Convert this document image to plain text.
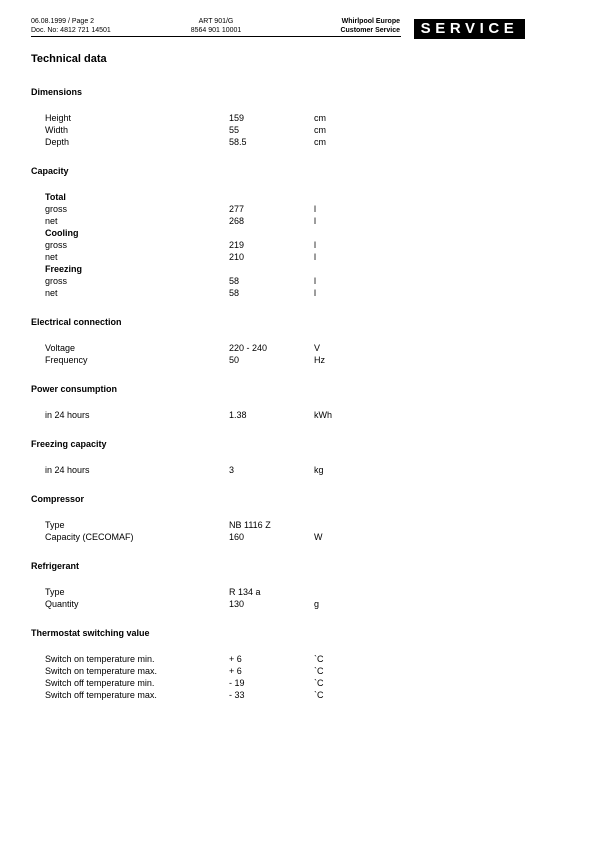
06.08.1999 / Page 2
Doc. No: 4812 721 14501
ART 901/G
8564 901 10001
Whirlpool Europe
Customer Service	SERVICE
Technical data
Dimensions
Height	159	cm
Width	55	cm
Depth	58.5	cm
Capacity
Total
gross	277	l
net	268	l
Cooling
gross	219	l
net	210	l
Freezing
gross	58	l
net	58	l
Electrical connection
Voltage	220 - 240	V
Frequency	50	Hz
Power consumption
in 24 hours	1.38	kWh
Freezing capacity
in 24 hours	3	kg
Compressor
Type	NB 1116 Z
Capacity (CECOMAF)	160	W
Refrigerant
Type	R 134 a
Quantity	130	g
Thermostat switching value
Switch on temperature min.	+ 6	`C
Switch on temperature max.	+ 6	`C
Switch off temperature min.	- 19	`C
Switch off temperature max.	- 33	`C
